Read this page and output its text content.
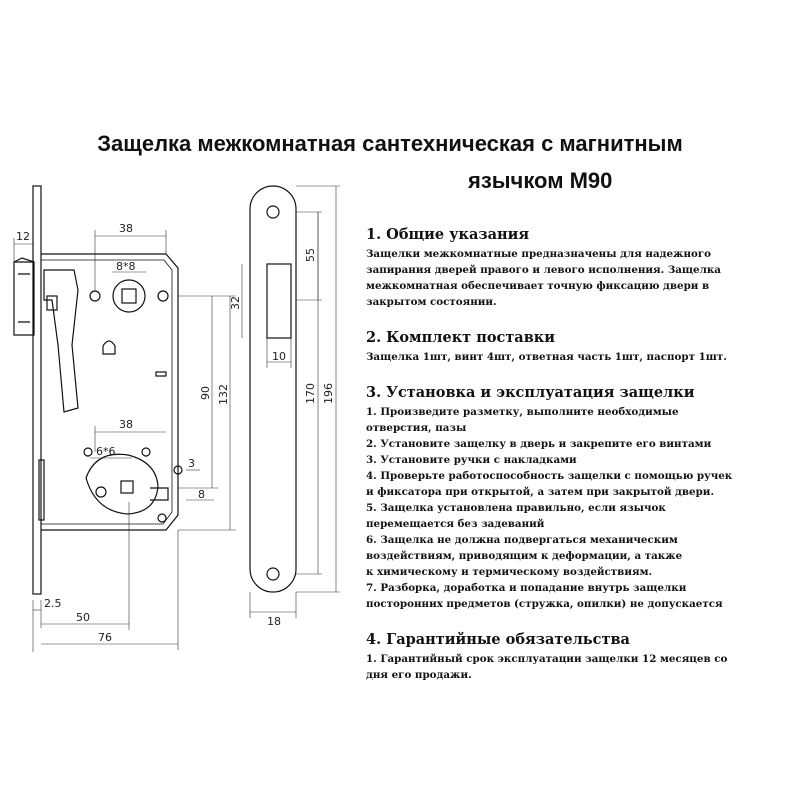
Защелка межкомнатная сантехническая с магнитным
язычком М90
12
38
8*8
38
6*6
3
8
2.5
50
76
18
10
32
55
90 132	170 196
1. Общие указания

Защелки межкомнатные предназначены для надежного

запирания дверей правого и левого исполнения. Защелка

межкомнатная обеспечивает точную фиксацию двери в

закрытом состоянии.

2. Комплект поставки

Защелка 1шт, винт 4шт, ответная часть 1шт, паспорт 1шт.

3. Установка и эксплуатация защелки

1. Произведите разметку, выполните необходимые

отверстия, пазы

2. Установите защелку в дверь и закрепите его винтами

3. Установите ручки с накладками

4. Проверьте работоспособность защелки с помощью ручек

и фиксатора при открытой, а затем при закрытой двери.

5. Защелка установлена правильно, если язычок

перемещается без задеваний

6. Защелка не должна подвергаться механическим

воздействиям, приводящим к деформации, а также

к химическому и термическому воздействиям.

7. Разборка, доработка и попадание внутрь защелки

посторонних предметов (стружка, опилки) не допускается

4. Гарантийные обязательства

1. Гарантийный срок эксплуатации защелки 12 месяцев со

дня его продажи.
